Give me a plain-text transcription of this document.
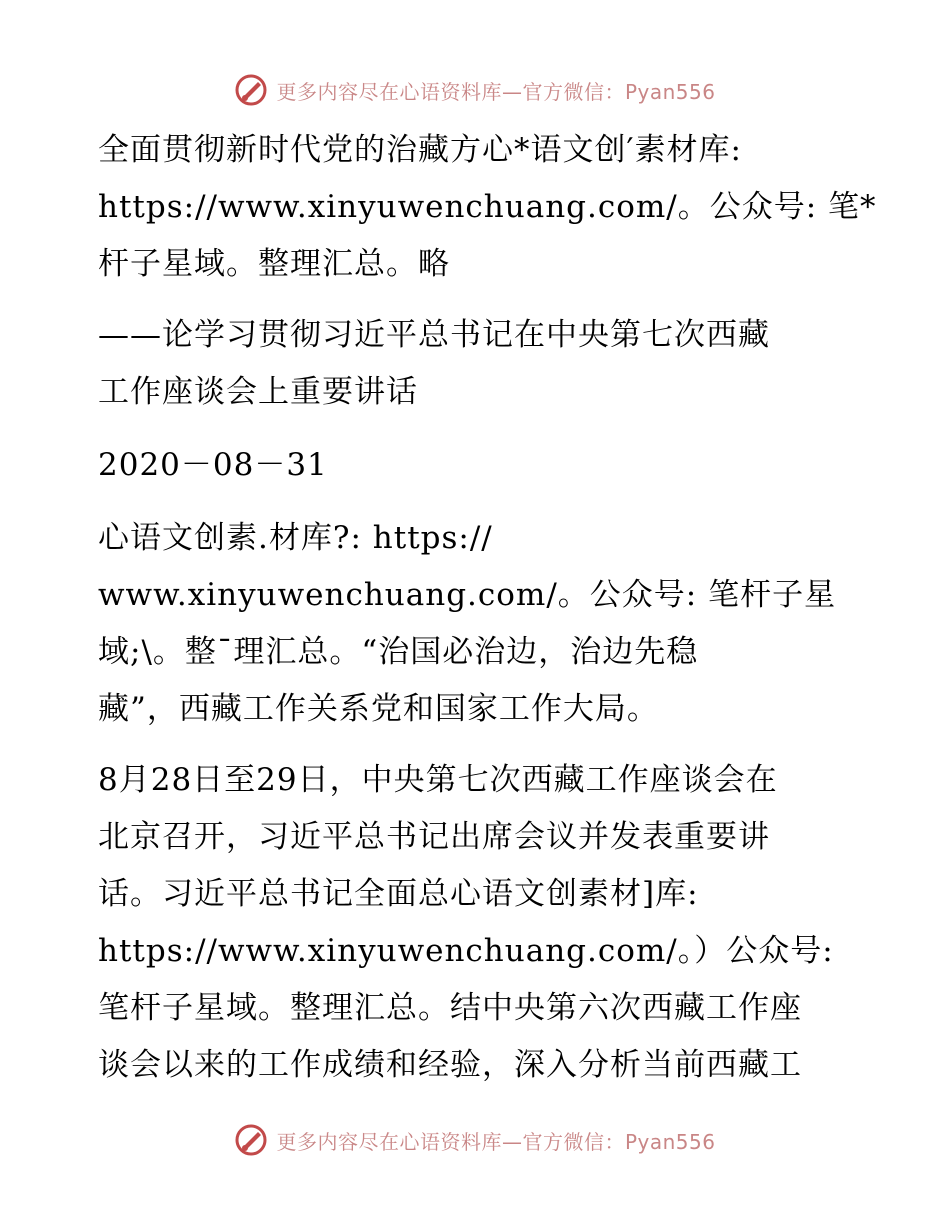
更多内容尽在心语资料库—官方微信：Pyan556

全面贯彻新时代党的治藏方心*语文创′素材库:
https://www.xinyuwenchuang.com/。公众号: 笔*
杆子星域。整理汇总。略

——论学习贯彻习近平总书记在中央第七次西藏
工作座谈会上重要讲话

2020－08－31

心语文创素.材库?: https://
www.xinyuwenchuang.com/。公众号: 笔杆子星
域;\。整¯理汇总。“治国必治边，治边先稳
藏”，西藏工作关系党和国家工作大局。

8月28日至29日，中央第七次西藏工作座谈会在
北京召开，习近平总书记出席会议并发表重要讲
话。习近平总书记全面总心语文创素材]库:
https://www.xinyuwenchuang.com/。）公众号:
笔杆子星域。整理汇总。结中央第六次西藏工作座
谈会以来的工作成绩和经验，深入分析当前西藏工

更多内容尽在心语资料库—官方微信：Pyan556
